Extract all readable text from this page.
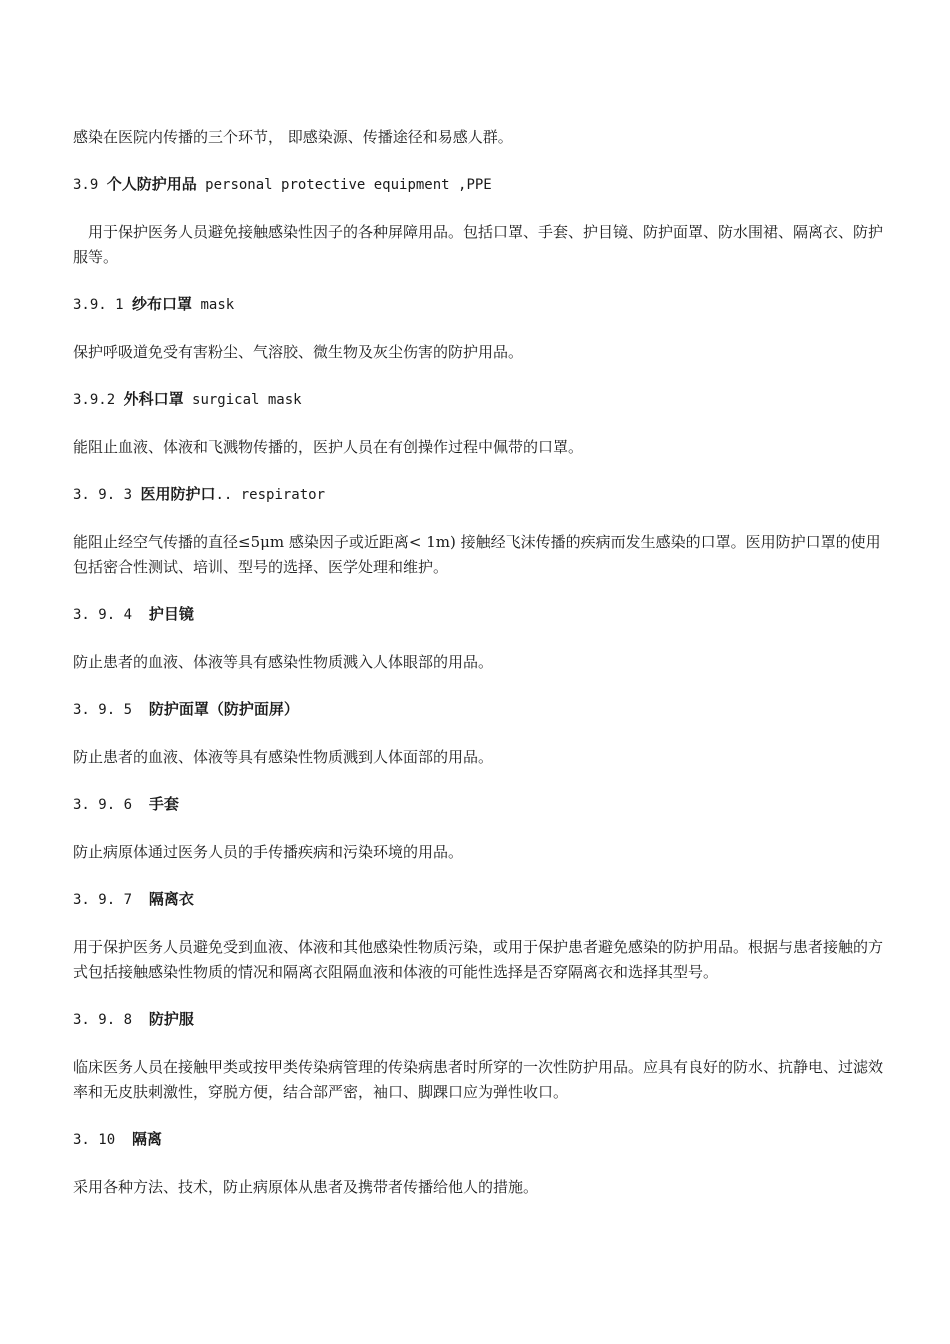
感染在医院内传播的三个环节， 即感染源、传播途径和易感人群。

3.9 个人防护用品 personal protective equipment ,PPE

用于保护医务人员避免接触感染性因子的各种屏障用品。包括口罩、手套、护目镜、防护面罩、防水围裙、隔离衣、防护服等。

3.9. 1 纱布口罩 mask

保护呼吸道免受有害粉尘、气溶胶、微生物及灰尘伤害的防护用品。

3.9.2 外科口罩 surgical mask

能阻止血液、体液和飞溅物传播的，医护人员在有创操作过程中佩带的口罩。

3. 9. 3 医用防护口.. respirator

能阻止经空气传播的直径≤5μm 感染因子或近距离< 1m) 接触经飞沫传播的疾病而发生感染的口罩。医用防护口罩的使用包括密合性测试、培训、型号的选择、医学处理和维护。

3. 9. 4  护目镜

防止患者的血液、体液等具有感染性物质溅入人体眼部的用品。

3. 9. 5  防护面罩（防护面屏）

防止患者的血液、体液等具有感染性物质溅到人体面部的用品。

3. 9. 6  手套

防止病原体通过医务人员的手传播疾病和污染环境的用品。

3. 9. 7  隔离衣

用于保护医务人员避免受到血液、体液和其他感染性物质污染，或用于保护患者避免感染的防护用品。根据与患者接触的方式包括接触感染性物质的情况和隔离衣阻隔血液和体液的可能性选择是否穿隔离衣和选择其型号。

3. 9. 8  防护服

临床医务人员在接触甲类或按甲类传染病管理的传染病患者时所穿的一次性防护用品。应具有良好的防水、抗静电、过滤效率和无皮肤刺激性，穿脱方便，结合部严密，袖口、脚踝口应为弹性收口。

3. 10  隔离

采用各种方法、技术，防止病原体从患者及携带者传播给他人的措施。
